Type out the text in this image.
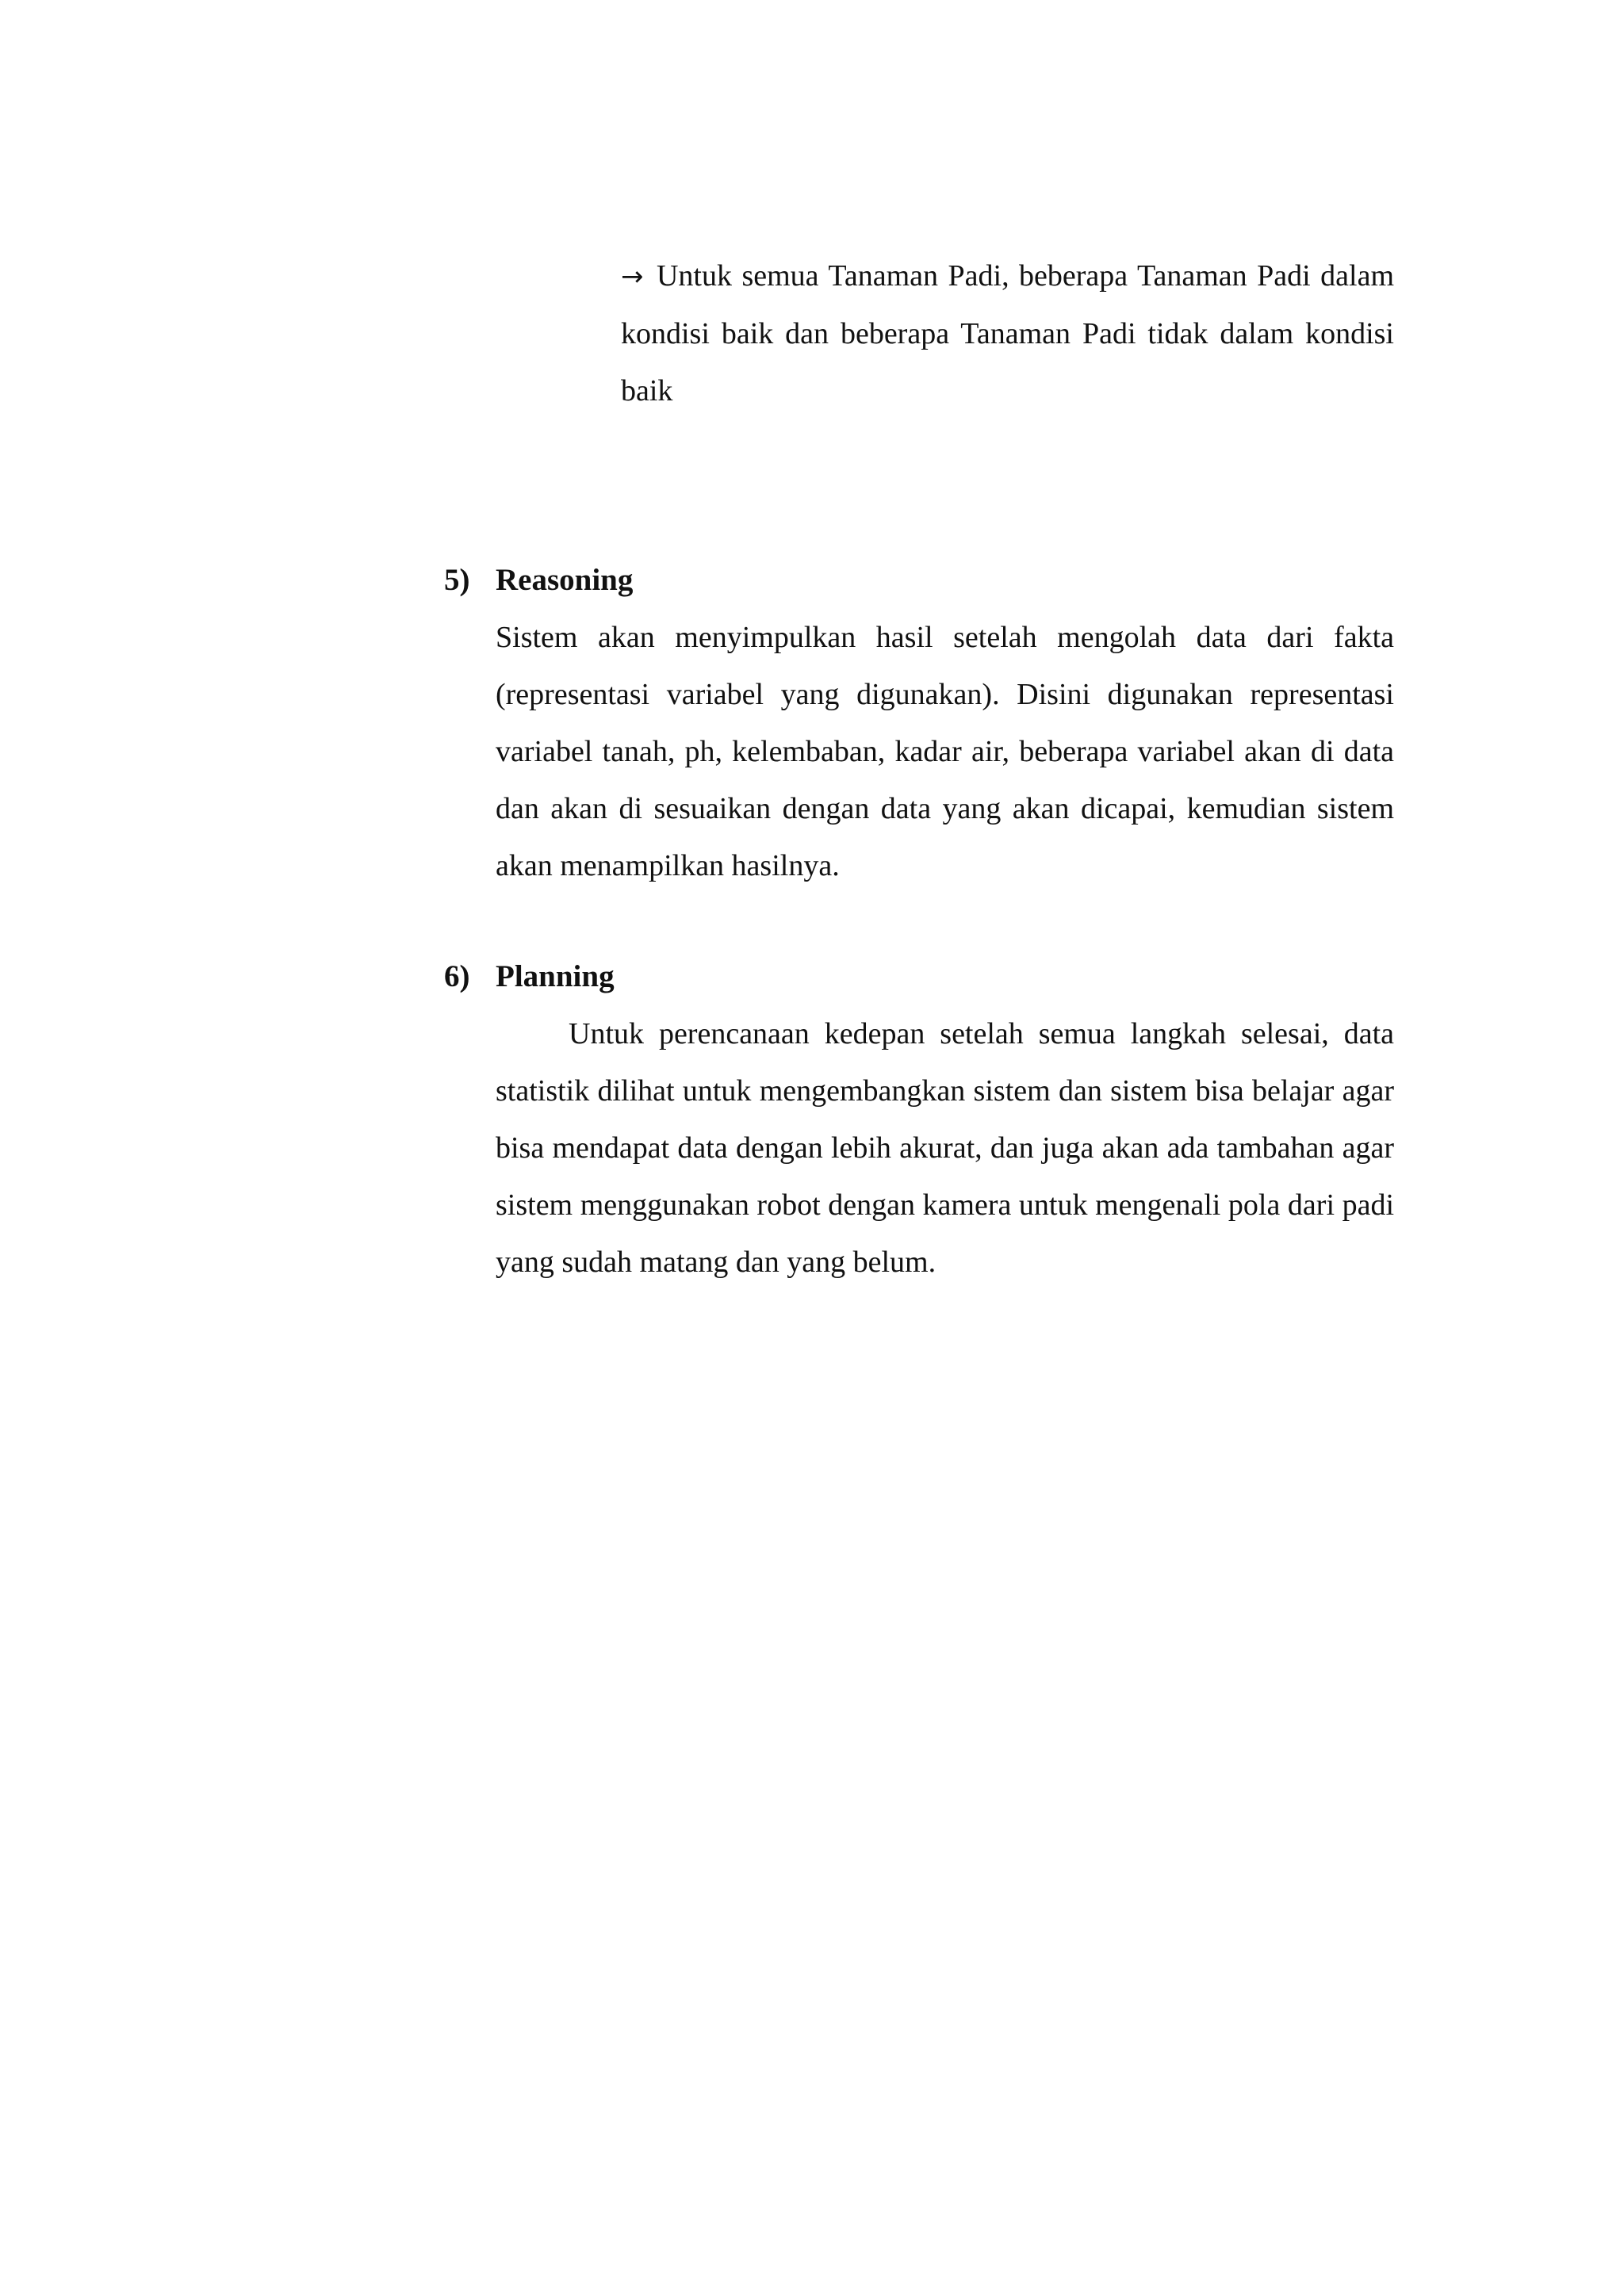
→ Untuk semua Tanaman Padi, beberapa Tanaman Padi dalam kondisi baik dan beberapa Tanaman Padi tidak dalam kondisi baik

5) Reasoning

Sistem akan menyimpulkan hasil setelah mengolah data dari fakta (representasi variabel yang digunakan). Disini digunakan representasi variabel tanah, ph, kelembaban, kadar air, beberapa variabel akan di data dan akan di sesuaikan dengan data yang akan dicapai, kemudian sistem akan menampilkan hasilnya.

6) Planning

Untuk perencanaan kedepan setelah semua langkah selesai, data statistik dilihat untuk mengembangkan sistem dan sistem bisa belajar agar bisa mendapat data dengan lebih akurat, dan juga akan ada tambahan agar sistem menggunakan robot dengan kamera untuk mengenali pola dari padi yang sudah matang dan yang belum.
